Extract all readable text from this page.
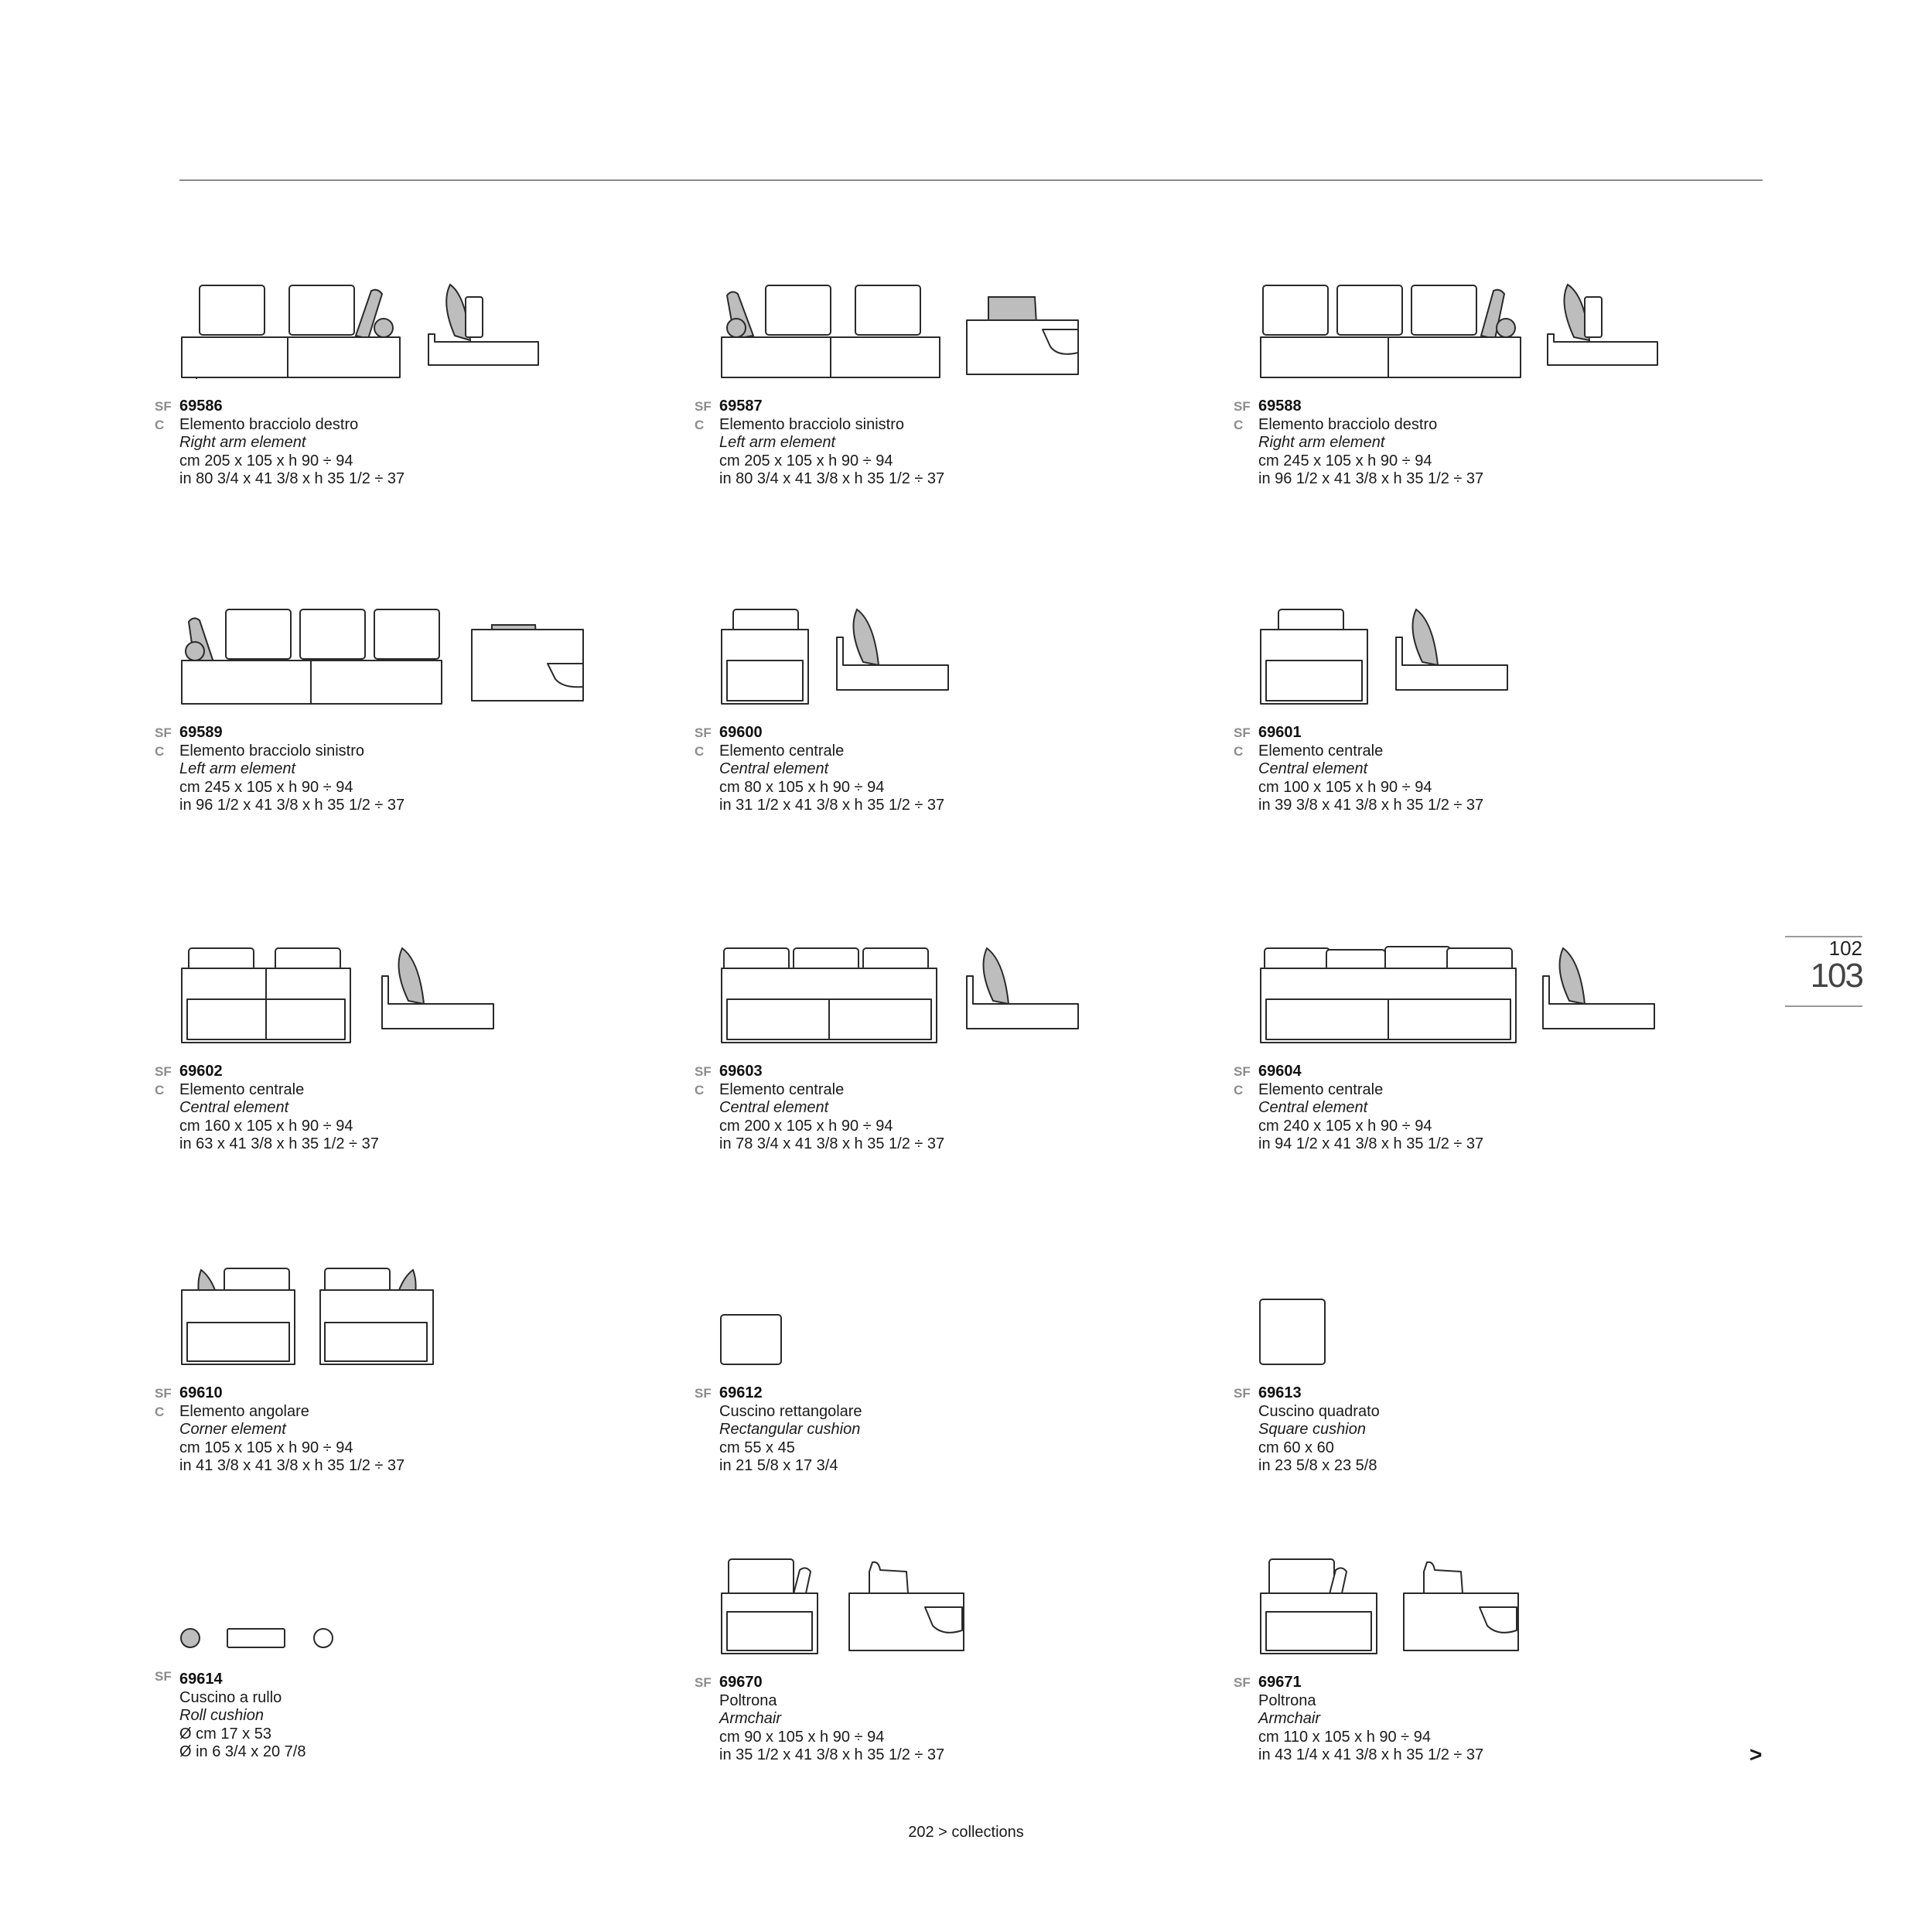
SF
C
69586
Elemento bracciolo destro
Right arm element
cm 205 x 105 x h 90 ÷ 94
in 80 3/4 x 41 3/8 x h 35 1/2 ÷ 37
SF
C
69587
Elemento bracciolo sinistro
Left arm element
cm 205 x 105 x h 90 ÷ 94
in 80 3/4 x 41 3/8 x h 35 1/2 ÷ 37
SF
C
69588
Elemento bracciolo destro
Right arm element
cm 245 x 105 x h 90 ÷ 94
in 96 1/2 x 41 3/8 x h 35 1/2 ÷ 37
SF
C
69589
Elemento bracciolo sinistro
Left arm element
cm 245 x 105 x h 90 ÷ 94
in 96 1/2 x 41 3/8 x h 35 1/2 ÷ 37
SF
C
69600
Elemento centrale
Central element
cm 80 x 105 x h 90 ÷ 94
in 31 1/2 x 41 3/8 x h 35 1/2 ÷ 37
SF
C
69601
Elemento centrale
Central element
cm 100 x 105 x h 90 ÷ 94
in 39 3/8 x 41 3/8 x h 35 1/2 ÷ 37
SF
C
69602
Elemento centrale
Central element
cm 160 x 105 x h 90 ÷ 94
in 63 x 41 3/8 x h 35 1/2 ÷ 37
SF
C
69603
Elemento centrale
Central element
cm 200 x 105 x h 90 ÷ 94
in 78 3/4 x 41 3/8 x h 35 1/2 ÷ 37
SF
C
69604
Elemento centrale
Central element
cm 240 x 105 x h 90 ÷ 94
in 94 1/2 x 41 3/8 x h 35 1/2 ÷ 37
SF
C
69610
Elemento angolare
Corner element
cm 105 x 105 x h 90 ÷ 94
in 41 3/8 x 41 3/8 x h 35 1/2 ÷ 37
SF 69612
Cuscino rettangolare
Rectangular cushion
cm 55 x 45
in 21 5/8 x 17 3/4
SF 69613
Cuscino quadrato
Square cushion
cm 60 x 60
in 23 5/8 x 23 5/8
SF 69614
Cuscino a rullo
Roll cushion
Ø cm 17 x 53
Ø in 6 3/4 x 20 7/8
SF 69670
Poltrona
Armchair
cm 90 x 105 x h 90 ÷ 94
in 35 1/2 x 41 3/8 x h 35 1/2 ÷ 37
SF 69671
Poltrona
Armchair
cm 110 x 105 x h 90 ÷ 94
in 43 1/4 x 41 3/8 x h 35 1/2 ÷ 37
102
103
>
202 > collections
